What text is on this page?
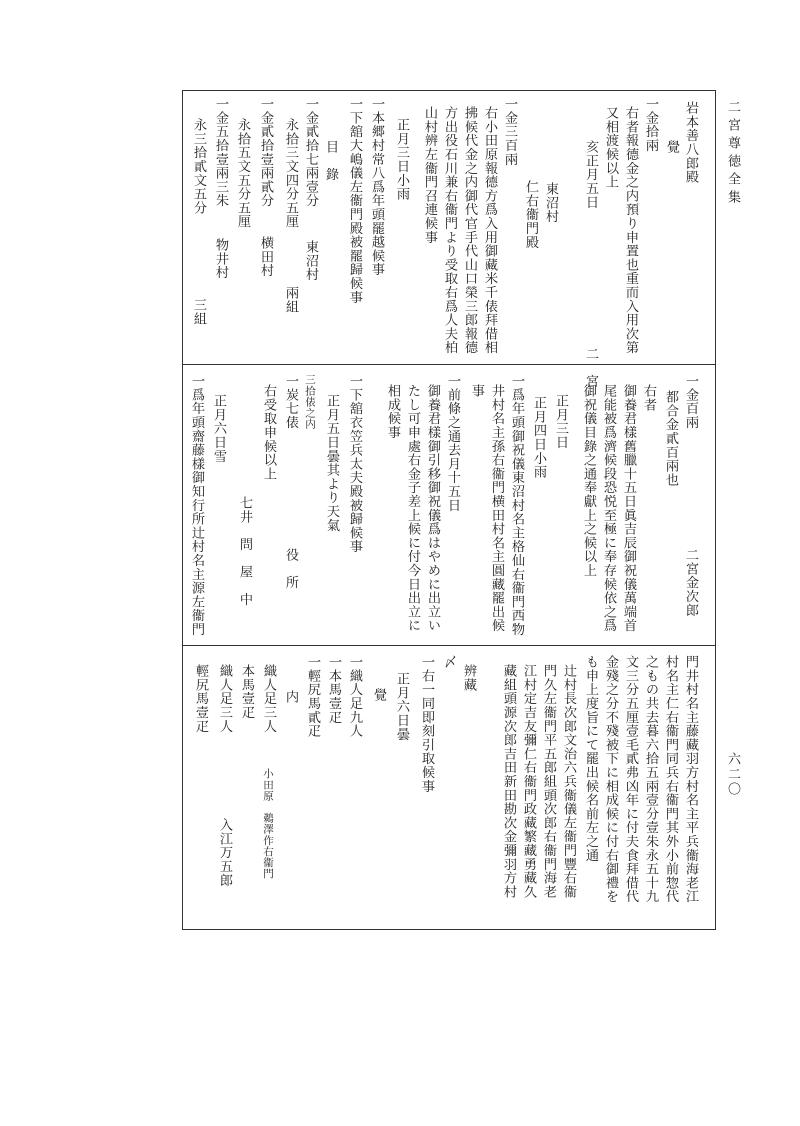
二宮尊徳全集
六二〇
岩本善八郎殿
覺
一金拾兩
右者報德金之内預り申置也重而入用次第
又相渡候以上
亥正月五日　　　　　　　　　　二　宮
東沼村
仁右衞門殿
一金三百兩
右小田原報德方爲入用御藏米千俵拜借相
拂候代金之内御代官手代山口榮三郎報德
方出役石川兼右衞門より受取右爲人夫柏
山村辨左衞門召連候事
正月三日小雨
一本郷村常八爲年頭罷越候事
一下舘大嶋儀左衞門殿被罷歸候事
目　錄
一金貳拾七兩壹分
永拾三文四分五厘
一金貳拾壹兩貳分
永拾五文五分五厘
一金五拾壹兩三朱
永三拾貳文五分
東沼村
兩組
横田村
物井村
三組
一金百兩
都合金貳百兩也
右者
御養君樣舊臘十五日眞吉辰御祝儀萬端首
尾能被爲濟候段恐悦至極に奉存候依之爲
御祝儀目錄之通奉獻上之候以上
正月三日
一爲年頭御祝儀東沼村名主格仙右衞門西物
井村名主孫右衞門横田村名主圓藏罷出候
事
一前條之通去月十五日
御養君樣御引移御祝儀爲はやめに出立い
たし可申處右金子差上候に付今日出立に
相成候事
一下舘衣笠兵太夫殿被歸候事
正月五日曇其より天氣
一炭七俵
右受取申候以上
正月六日雪
一爲年頭齋藤樣御知行所辻村名主源左衞門	二宮金次郎
正月四日小雨
三拾俵之内
役　所
七井　問　屋　中
門井村名主藤藏羽方村名主平兵衞海老江
村名主仁右衞門同兵右衞門其外小前惣代
之もの共去暮六拾五兩壹分壹朱永五十九
文三分五厘壹毛貳弗凶年に付夫食拜借代
金殘之分不殘被下に相成候に付右御禮を
も申上度旨にて罷出候名前左之通
辻村長次郎文治六兵衞儀左衞門豐右衞
門久左衞門平五郎組頭次郎右衞門海老
江村定吉友彌仁右衞門政藏繁藏勇藏久
藏組頭源次郎吉田新田勘次金彌羽方村
辨藏
〆
一右一同即刻引取候事
正月六日曇
覺
一織人足九人
一本馬壹疋
一輕尻馬貳疋
内
織人足三人
本馬壹疋
織人足三人
輕尻馬壹疋
小田原　鵜澤作右衞門
入江万五郎
